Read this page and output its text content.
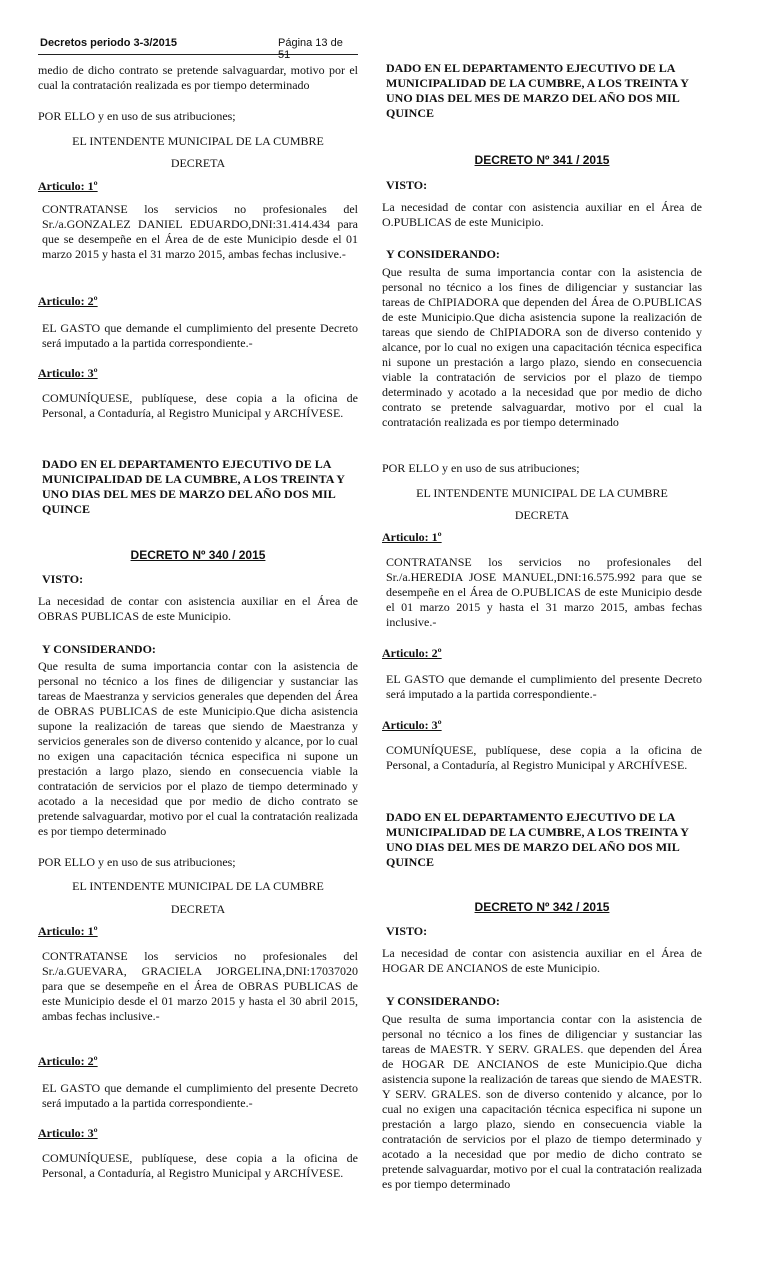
Decretos periodo 3-3/2015	Página 13 de 51

medio de dicho contrato se pretende salvaguardar, motivo por el cual la contratación realizada es por tiempo determinado

POR ELLO y en uso de sus atribuciones;

EL INTENDENTE MUNICIPAL DE LA CUMBRE

DECRETA

Articulo: 1º

CONTRATANSE los servicios no profesionales del Sr./a.GONZALEZ DANIEL EDUARDO,DNI:31.414.434 para que se desempeñe en el Área de de este Municipio desde el 01 marzo 2015 y hasta el 31 marzo 2015, ambas fechas inclusive.-

Articulo: 2º

EL GASTO que demande el cumplimiento del presente Decreto será imputado a la partida correspondiente.-

Articulo: 3º

COMUNÍQUESE, publíquese, dese copia a la oficina de Personal, a Contaduría, al Registro Municipal y ARCHÍVESE.

DADO EN EL DEPARTAMENTO EJECUTIVO DE LA MUNICIPALIDAD DE LA CUMBRE, A LOS TREINTA Y UNO DIAS DEL MES DE MARZO DEL AÑO DOS MIL QUINCE

DECRETO Nº 340 / 2015

VISTO:

La necesidad de contar con asistencia auxiliar en el Área de OBRAS PUBLICAS de este Municipio.

Y CONSIDERANDO:

Que resulta de suma importancia contar con la asistencia de personal no técnico a los fines de diligenciar y sustanciar las tareas de Maestranza y servicios generales que dependen del Área de OBRAS PUBLICAS de este Municipio.Que dicha asistencia supone la realización de tareas que siendo de Maestranza y servicios generales son de diverso contenido y alcance, por lo cual no exigen una capacitación técnica especifica ni supone un prestación a largo plazo, siendo en consecuencia viable la contratación de servicios por el plazo de tiempo determinado y acotado a la necesidad que por medio de dicho contrato se pretende salvaguardar, motivo por el cual la contratación realizada es por tiempo determinado

POR ELLO y en uso de sus atribuciones;

EL INTENDENTE MUNICIPAL DE LA CUMBRE

DECRETA

Articulo: 1º

CONTRATANSE los servicios no profesionales del Sr./a.GUEVARA, GRACIELA JORGELINA,DNI:17037020 para que se desempeñe en el Área de OBRAS PUBLICAS de este Municipio desde el 01 marzo 2015 y hasta el 30 abril 2015, ambas fechas inclusive.-

Articulo: 2º

EL GASTO que demande el cumplimiento del presente Decreto será imputado a la partida correspondiente.-

Articulo: 3º

COMUNÍQUESE, publíquese, dese copia a la oficina de Personal, a Contaduría, al Registro Municipal y ARCHÍVESE.

DADO EN EL DEPARTAMENTO EJECUTIVO DE LA MUNICIPALIDAD DE LA CUMBRE, A LOS TREINTA Y UNO DIAS DEL MES DE MARZO DEL AÑO DOS MIL QUINCE

DECRETO Nº 341 / 2015

VISTO:

La necesidad de contar con asistencia auxiliar en el Área de O.PUBLICAS de este Municipio.

Y CONSIDERANDO:

Que resulta de suma importancia contar con la asistencia de personal no técnico a los fines de diligenciar y sustanciar las tareas de ChIPIADORA que dependen del Área de O.PUBLICAS de este Municipio.Que dicha asistencia supone la realización de tareas que siendo de ChIPIADORA son de diverso contenido y alcance, por lo cual no exigen una capacitación técnica especifica ni supone un prestación a largo plazo, siendo en consecuencia viable la contratación de servicios por el plazo de tiempo determinado y acotado a la necesidad que por medio de dicho contrato se pretende salvaguardar, motivo por el cual la contratación realizada es por tiempo determinado

POR ELLO y en uso de sus atribuciones;

EL INTENDENTE MUNICIPAL DE LA CUMBRE

DECRETA

Articulo: 1º

CONTRATANSE los servicios no profesionales del Sr./a.HEREDIA JOSE MANUEL,DNI:16.575.992 para que se desempeñe en el Área de O.PUBLICAS de este Municipio desde el 01 marzo 2015 y hasta el 31 marzo 2015, ambas fechas inclusive.-

Articulo: 2º

EL GASTO que demande el cumplimiento del presente Decreto será imputado a la partida correspondiente.-

Articulo: 3º

COMUNÍQUESE, publíquese, dese copia a la oficina de Personal, a Contaduría, al Registro Municipal y ARCHÍVESE.

DADO EN EL DEPARTAMENTO EJECUTIVO DE LA MUNICIPALIDAD DE LA CUMBRE, A LOS TREINTA Y UNO DIAS DEL MES DE MARZO DEL AÑO DOS MIL QUINCE

DECRETO Nº 342 / 2015

VISTO:

La necesidad de contar con asistencia auxiliar en el Área de HOGAR DE ANCIANOS de este Municipio.

Y CONSIDERANDO:

Que resulta de suma importancia contar con la asistencia de personal no técnico a los fines de diligenciar y sustanciar las tareas de MAESTR. Y SERV. GRALES. que dependen del Área de HOGAR DE ANCIANOS de este Municipio.Que dicha asistencia supone la realización de tareas que siendo de MAESTR. Y SERV. GRALES. son de diverso contenido y alcance, por lo cual no exigen una capacitación técnica especifica ni supone un prestación a largo plazo, siendo en consecuencia viable la contratación de servicios por el plazo de tiempo determinado y acotado a la necesidad que por medio de dicho contrato se pretende salvaguardar, motivo por el cual la contratación realizada es por tiempo determinado
